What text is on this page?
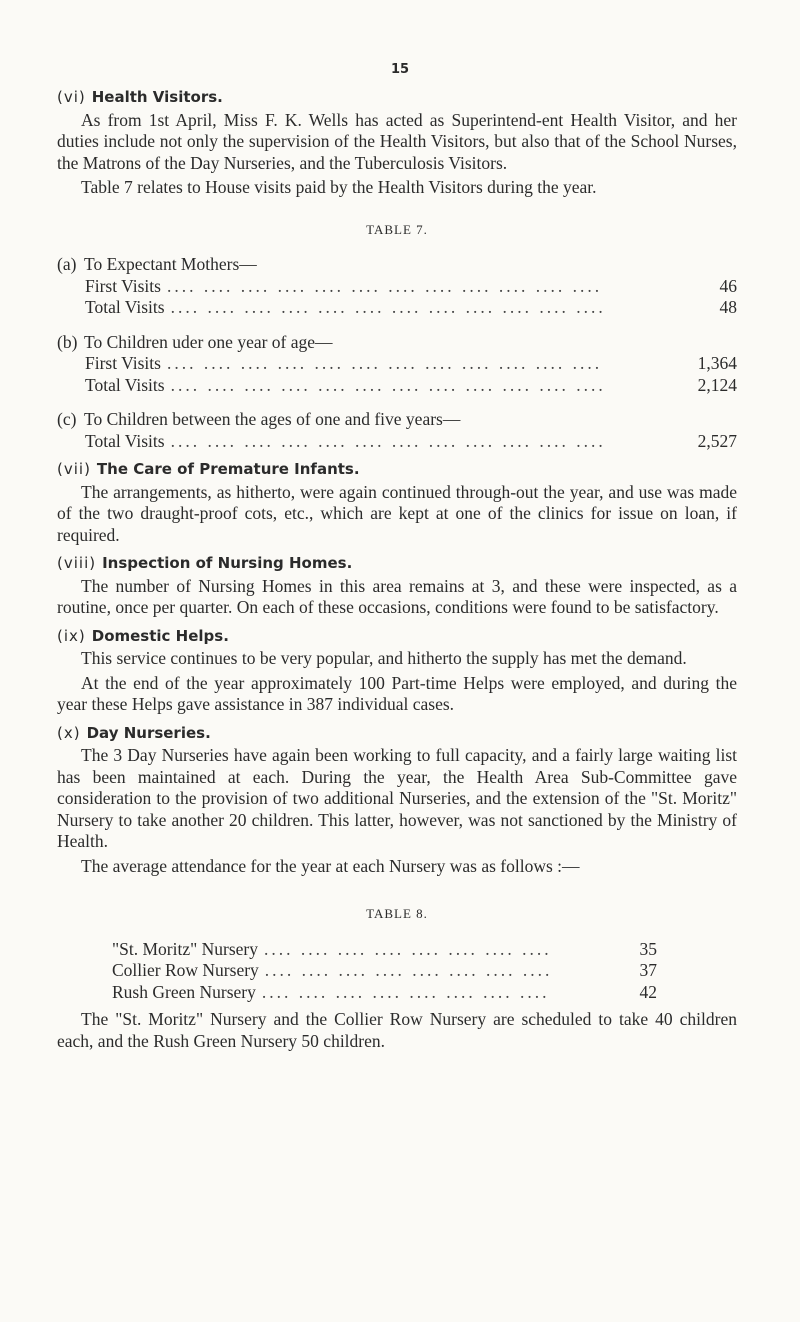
15
(vi) Health Visitors.

As from 1st April, Miss F. K. Wells has acted as Superintend-ent Health Visitor, and her duties include not only the supervision of the Health Visitors, but also that of the School Nurses, the Matrons of the Day Nurseries, and the Tuberculosis Visitors.

Table 7 relates to House visits paid by the Health Visitors during the year.

TABLE 7.
(a) To Expectant Mothers—
First Visits .... .... .... .... .... .... .... .... .... .... .... ....	46
Total Visits .... .... .... .... .... .... .... .... .... .... .... ....	48
(b) To Children uder one year of age—
First Visits .... .... .... .... .... .... .... .... .... .... .... ....	1,364
Total Visits .... .... .... .... .... .... .... .... .... .... .... ....	2,124
(c) To Children between the ages of one and five years—
Total Visits .... .... .... .... .... .... .... .... .... .... .... ....	2,527
(vii) The Care of Premature Infants.

The arrangements, as hitherto, were again continued through-out the year, and use was made of the two draught-proof cots, etc., which are kept at one of the clinics for issue on loan, if required.

(viii) Inspection of Nursing Homes.

The number of Nursing Homes in this area remains at 3, and these were inspected, as a routine, once per quarter. On each of these occasions, conditions were found to be satisfactory.

(ix) Domestic Helps.

This service continues to be very popular, and hitherto the supply has met the demand.

At the end of the year approximately 100 Part-time Helps were employed, and during the year these Helps gave assistance in 387 individual cases.

(x) Day Nurseries.

The 3 Day Nurseries have again been working to full capacity, and a fairly large waiting list has been maintained at each. During the year, the Health Area Sub-Committee gave consideration to the provision of two additional Nurseries, and the extension of the "St. Moritz" Nursery to take another 20 children. This latter, however, was not sanctioned by the Ministry of Health.

The average attendance for the year at each Nursery was as follows :—

TABLE 8.
"St. Moritz" Nursery .... .... .... .... .... .... .... ....	35
Collier Row Nursery .... .... .... .... .... .... .... ....	37
Rush Green Nursery .... .... .... .... .... .... .... ....	42

The "St. Moritz" Nursery and the Collier Row Nursery are scheduled to take 40 children each, and the Rush Green Nursery 50 children.
